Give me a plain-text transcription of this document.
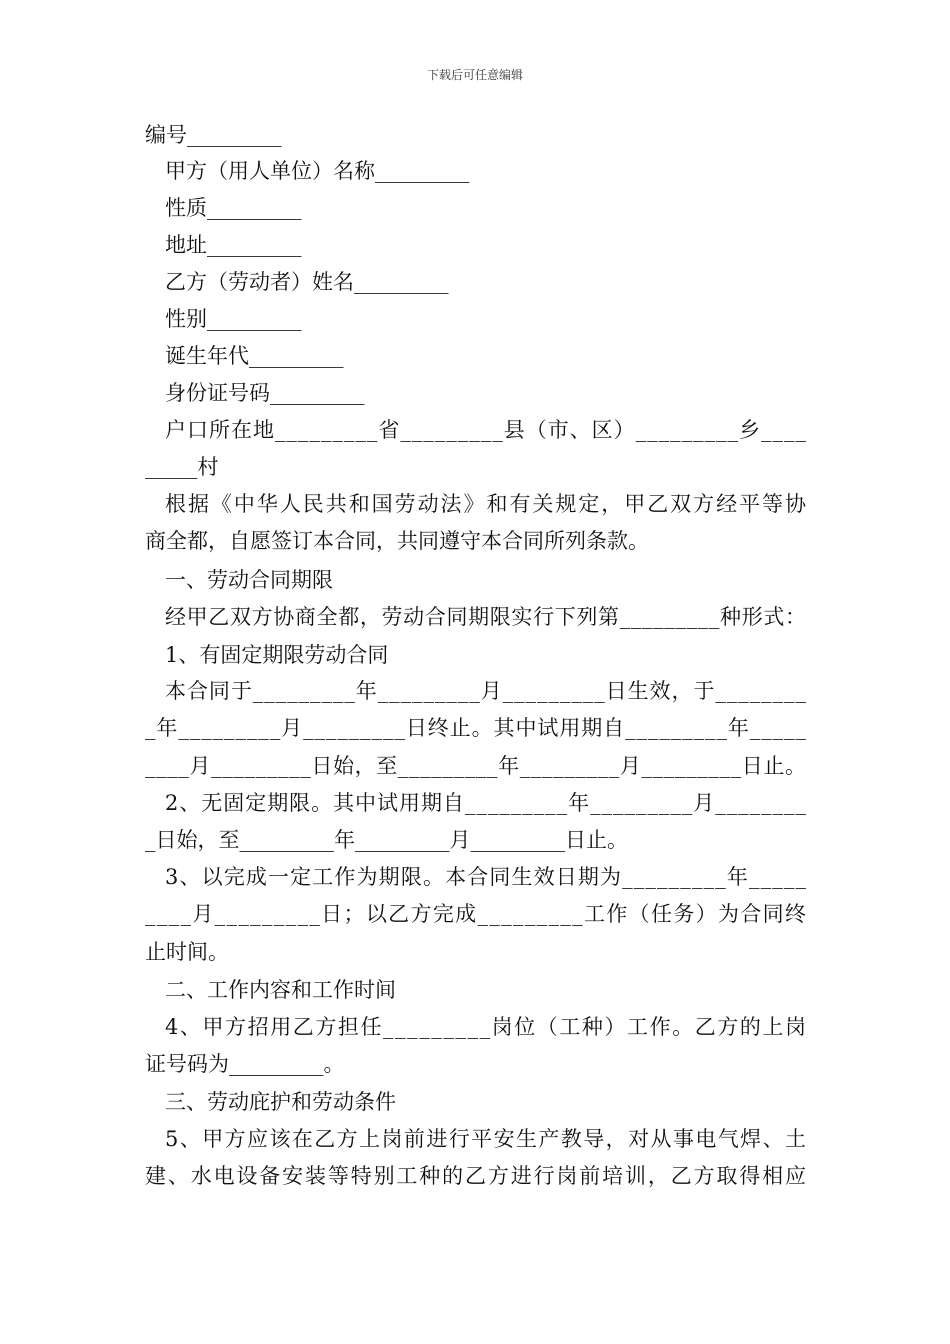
下载后可任意编辑
编号_________
甲方（用人单位）名称_________
性质_________
地址_________
乙方（劳动者）姓名_________
性别_________
诞生年代_________
身份证号码_________
户口所在地_________省_________县（市、区）_________乡____
_____村
根据《中华人民共和国劳动法》和有关规定，甲乙双方经平等协
商全都，自愿签订本合同，共同遵守本合同所列条款。
一、劳动合同期限
经甲乙双方协商全都，劳动合同期限实行下列第_________种形式：
1、有固定期限劳动合同
本合同于_________年_________月_________日生效，于________
_年_________月_________日终止。其中试用期自_________年_____
____月_________日始，至_________年_________月_________日止。
2、无固定期限。其中试用期自_________年_________月________
_日始，至_________年_________月_________日止。
3、以完成一定工作为期限。本合同生效日期为_________年_____
____月_________日；以乙方完成_________工作（任务）为合同终
止时间。
二、工作内容和工作时间
4、甲方招用乙方担任_________岗位（工种）工作。乙方的上岗
证号码为_________。
三、劳动庇护和劳动条件
5、甲方应该在乙方上岗前进行平安生产教导，对从事电气焊、土
建、水电设备安装等特别工种的乙方进行岗前培训，乙方取得相应
